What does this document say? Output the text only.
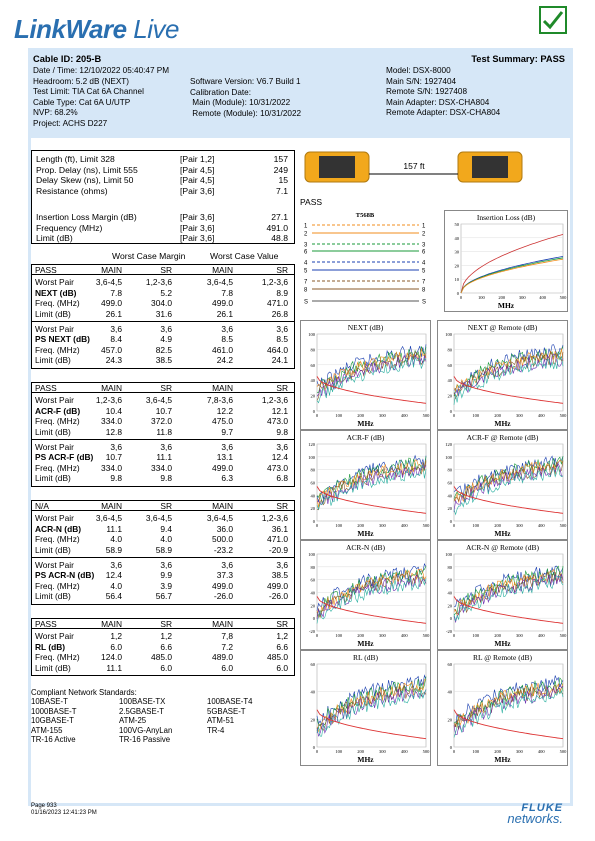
LinkWare Live
Cable ID: 205-B	Test Summary: PASS
Date / Time: 12/10/2022 05:40:47 PM
Headroom: 5.2 dB (NEXT)
Test Limit: TIA Cat 6A Channel
Cable Type: Cat 6A U/UTP
NVP: 68.2%
Project: ACHS D227
Software Version: V6.7 Build 1
Calibration Date:
Main (Module): 10/31/2022
Remote (Module): 10/31/2022
Model: DSX-8000
Main S/N: 1927404
Remote S/N: 1927408
Main Adapter: DSX-CHA804
Remote Adapter: DSX-CHA804
Length (ft), Limit 328	[Pair 1,2]	157
Prop. Delay (ns), Limit 555	[Pair 4,5]	249
Delay Skew (ns), Limit 50	[Pair 4,5]	15
Resistance (ohms)	[Pair 3,6]	7.1
Insertion Loss Margin (dB)	[Pair 3,6]	27.1
Frequency (MHz)	[Pair 3,6]	491.0
Limit (dB)	[Pair 3,6]	48.8
Worst Case Margin	Worst Case Value
PASS	MAIN	SR	MAIN	SR
Worst Pair	3,6-4,5	1,2-3,6	3,6-4,5	1,2-3,6
NEXT (dB)	7.8	5.2	7.8	8.9
Freq. (MHz)	499.0	304.0	499.0	471.0
Limit (dB)	26.1	31.6	26.1	26.8
Worst Pair	3,6	3,6	3,6	3,6
PS NEXT (dB) 8.4	4.9	8.5	8.5
Freq. (MHz)	457.0	82.5	461.0	464.0
Limit (dB)	24.3	38.5	24.2	24.1
PASS	MAIN	SR	MAIN	SR
Worst Pair	1,2-3,6	3,6-4,5	7,8-3,6	1,2-3,6
ACR-F (dB)	10.4	10.7	12.2	12.1
Freq. (MHz)	334.0	372.0	475.0	473.0
Limit (dB)	12.8	11.8	9.7	9.8
Worst Pair	3,6	3,6	3,6	3,6
PS ACR-F (dB) 10.7	11.1	13.1	12.4
Freq. (MHz)	334.0	334.0	499.0	473.0
Limit (dB)	9.8	9.8	6.3	6.8
N/A	MAIN	SR	MAIN	SR
Worst Pair	3,6-4,5	3,6-4,5	3,6-4,5	1,2-3,6
ACR-N (dB)	11.1	9.4	36.0	36.1
Freq. (MHz)	4.0	4.0	500.0	471.0
Limit (dB)	58.9	58.9	-23.2	-20.9
Worst Pair	3,6	3,6	3,6	3,6
PS ACR-N (dB) 12.4	9.9	37.3	38.5
Freq. (MHz)	4.0	3.9	499.0	499.0
Limit (dB)	56.4	56.7	-26.0	-26.0
PASS	MAIN	SR	MAIN	SR
Worst Pair	1,2	1,2	7,8	1,2
RL (dB)	6.0	6.6	7.2	6.6
Freq. (MHz)	124.0	485.0	489.0	485.0
Limit (dB)	11.1	6.0	6.0	6.0
Compliant Network Standards:
10BASE-T	100BASE-TX	100BASE-T4
1000BASE-T	2.5GBASE-T	5GBASE-T
10GBASE-T	ATM-25	ATM-51
ATM-155	100VG-AnyLan	TR-4
TR-16 Active	TR-16 Passive
157 ft
PASS
T568B
1	1
2	2
3	3
6	6
4	4
5	5
7	7
8	8
S	S
Insertion Loss (dB)
MHz
50
40
30
20
10
0
0	100	200	300	400	500
NEXT (dB)
MHz
100
80
60
40
20
0
0	100	200	300	400	500
NEXT @ Remote (dB)
MHz
100
80
60
40
20
0
0	100	200	300	400	500
ACR-F (dB)
MHz
120
100
80
60
40
20
0
0	100	200	300	400	500
ACR-F @ Remote (dB)
MHz
120
100
80
60
40
20
0
0	100	200	300	400	500
ACR-N (dB)
MHz
100
80
60
40
20
0
-20
0	100	200	300	400	500
ACR-N @ Remote (dB)
MHz
100
80
60
40
20
0
-20
0	100	200	300	400	500
RL (dB)
MHz
60
40
20
0
0	100	200	300	400	500
RL @ Remote (dB)
MHz
60
40
20
0
0	100	200	300	400	500
Page 933
01/16/2023 12:41:23 PM	FLUKE
networks.
